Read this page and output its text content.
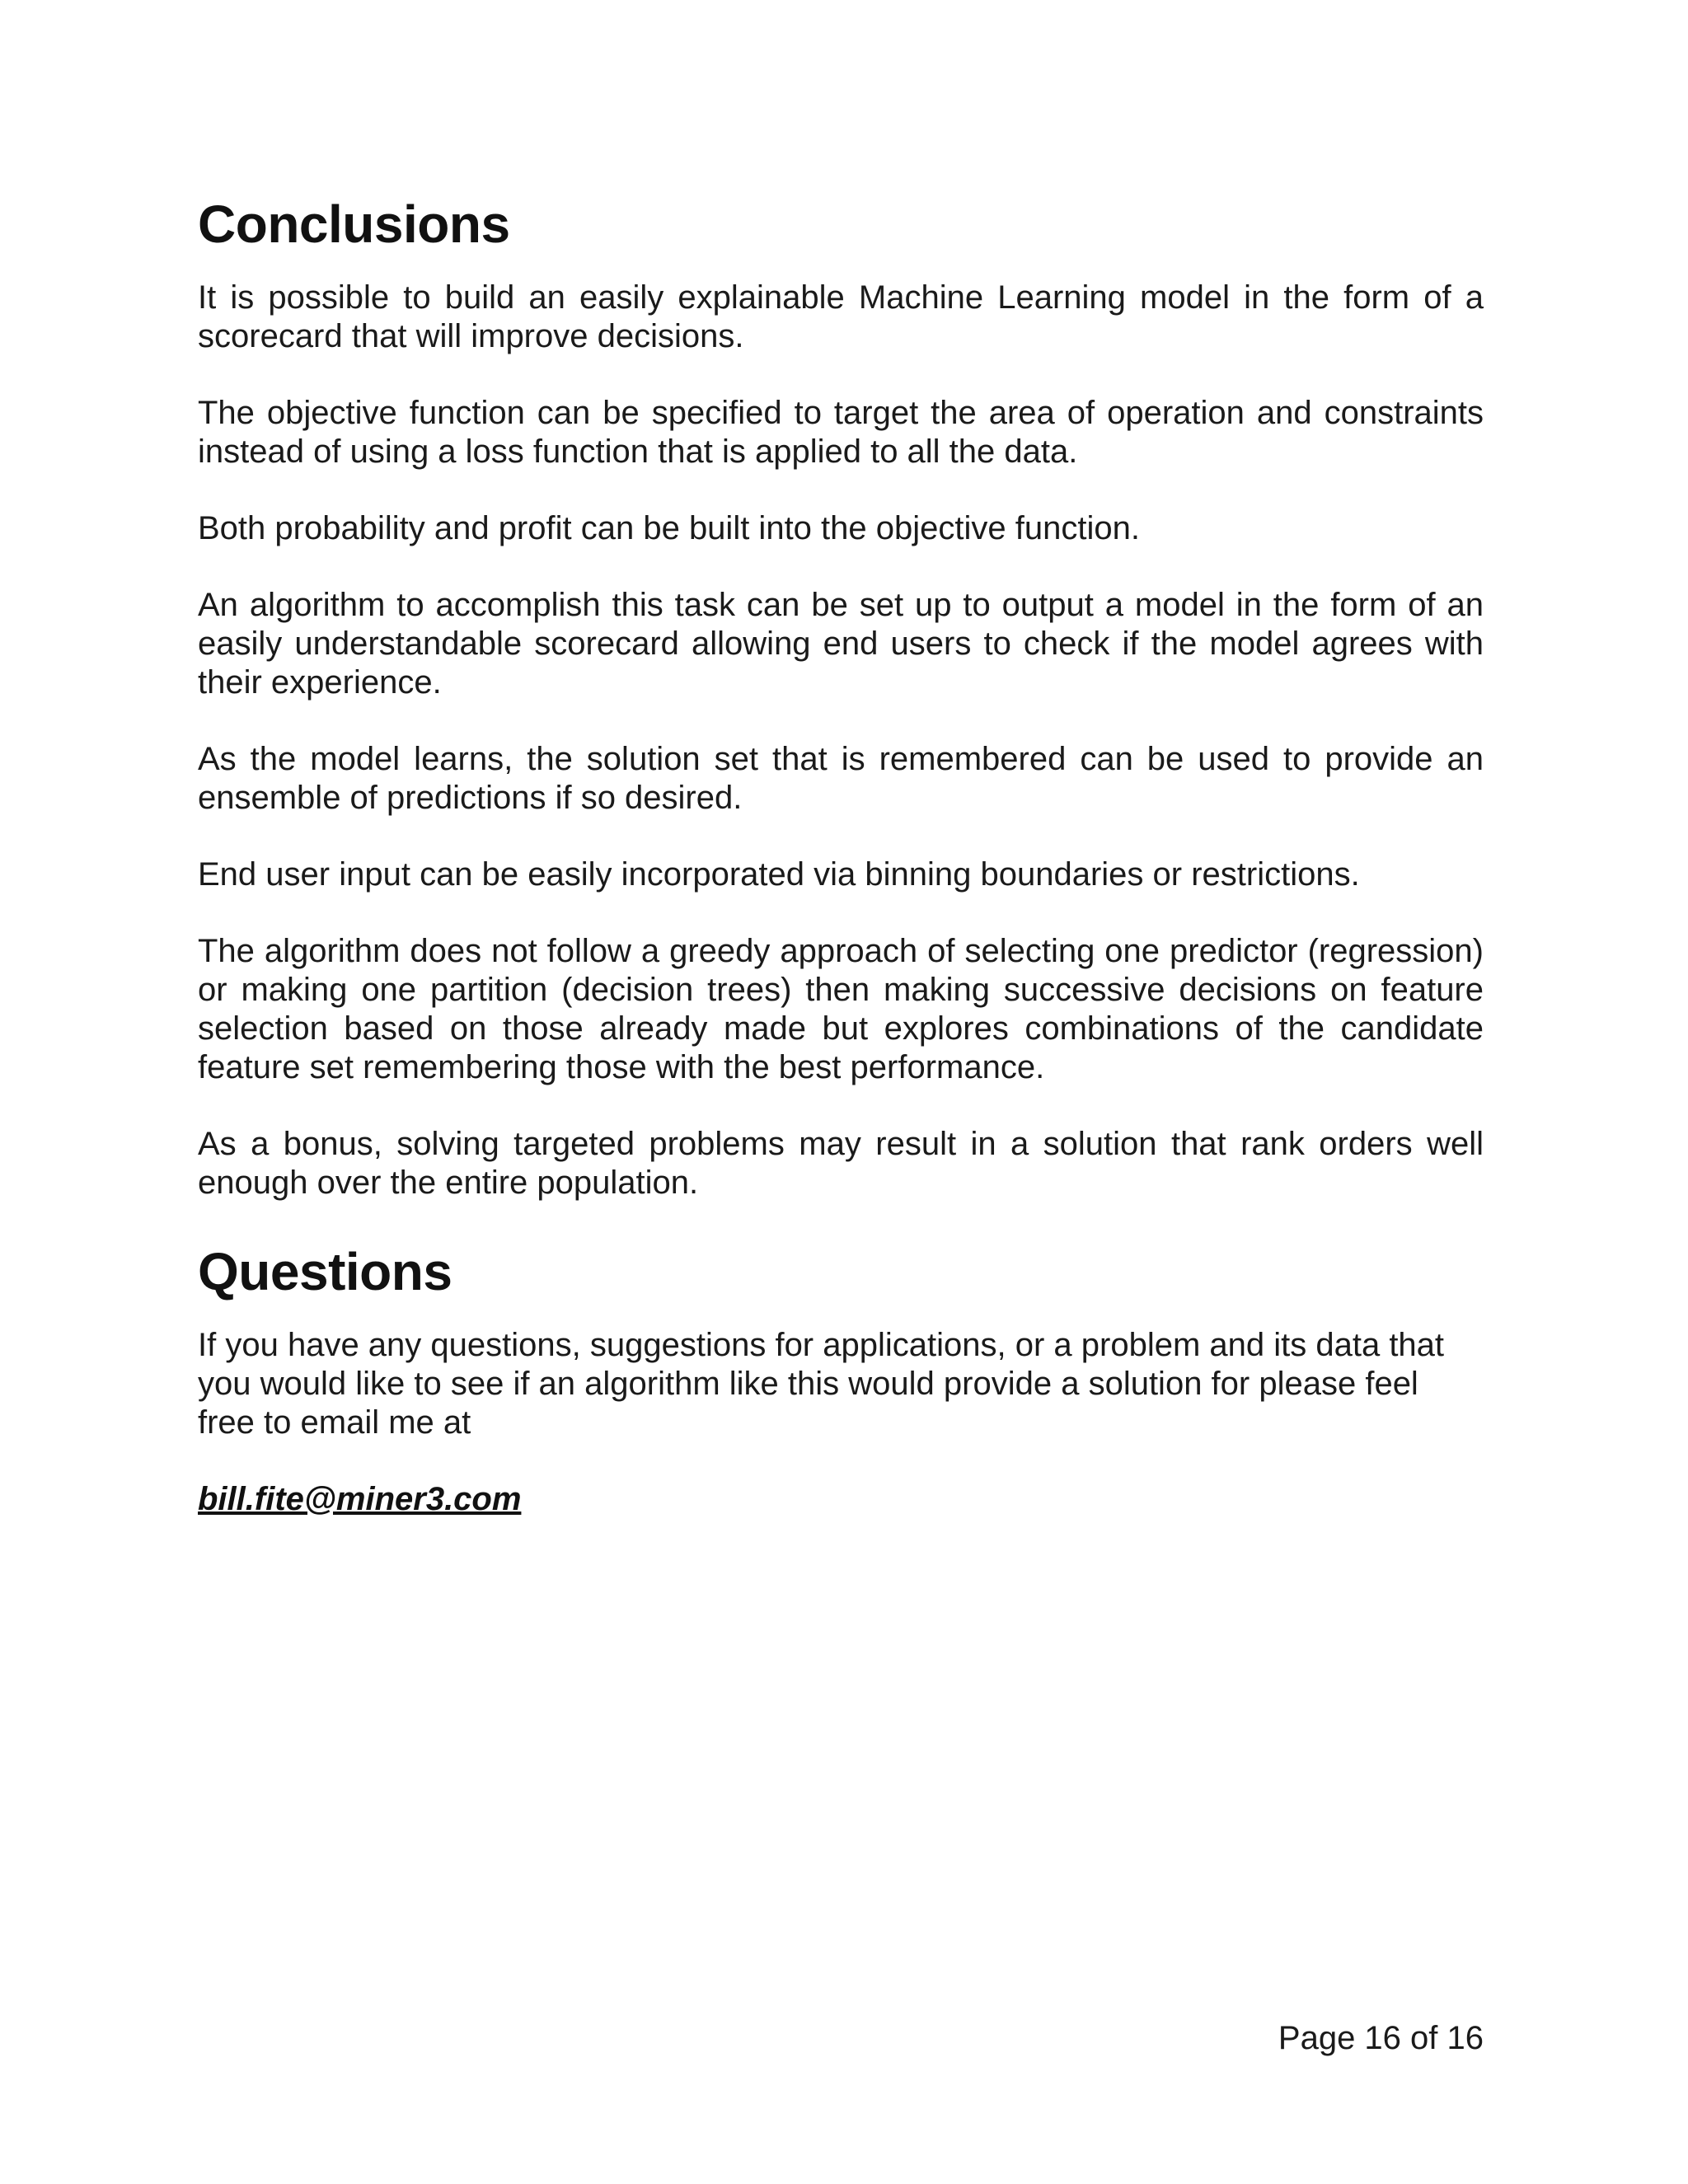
Conclusions

It is possible to build an easily explainable Machine Learning model in the form of a scorecard that will improve decisions.

The objective function can be specified to target the area of operation and constraints instead of using a loss function that is applied to all the data.

Both probability and profit can be built into the objective function.

An algorithm to accomplish this task can be set up to output a model in the form of an easily understandable scorecard allowing end users to check if the model agrees with their experience.

As the model learns, the solution set that is remembered can be used to provide an ensemble of predictions if so desired.

End user input can be easily incorporated via binning boundaries or restrictions.

The algorithm does not follow a greedy approach of selecting one predictor (regression) or making one partition (decision trees) then making successive decisions on feature selection based on those already made but explores combinations of the candidate feature set remembering those with the best performance.

As a bonus, solving targeted problems may result in a solution that rank orders well enough over the entire population.

Questions

If you have any questions, suggestions for applications, or a problem and its data that you would like to see if an algorithm like this would provide a solution for please feel free to email me at

bill.fite@miner3.com
Page 16 of 16
